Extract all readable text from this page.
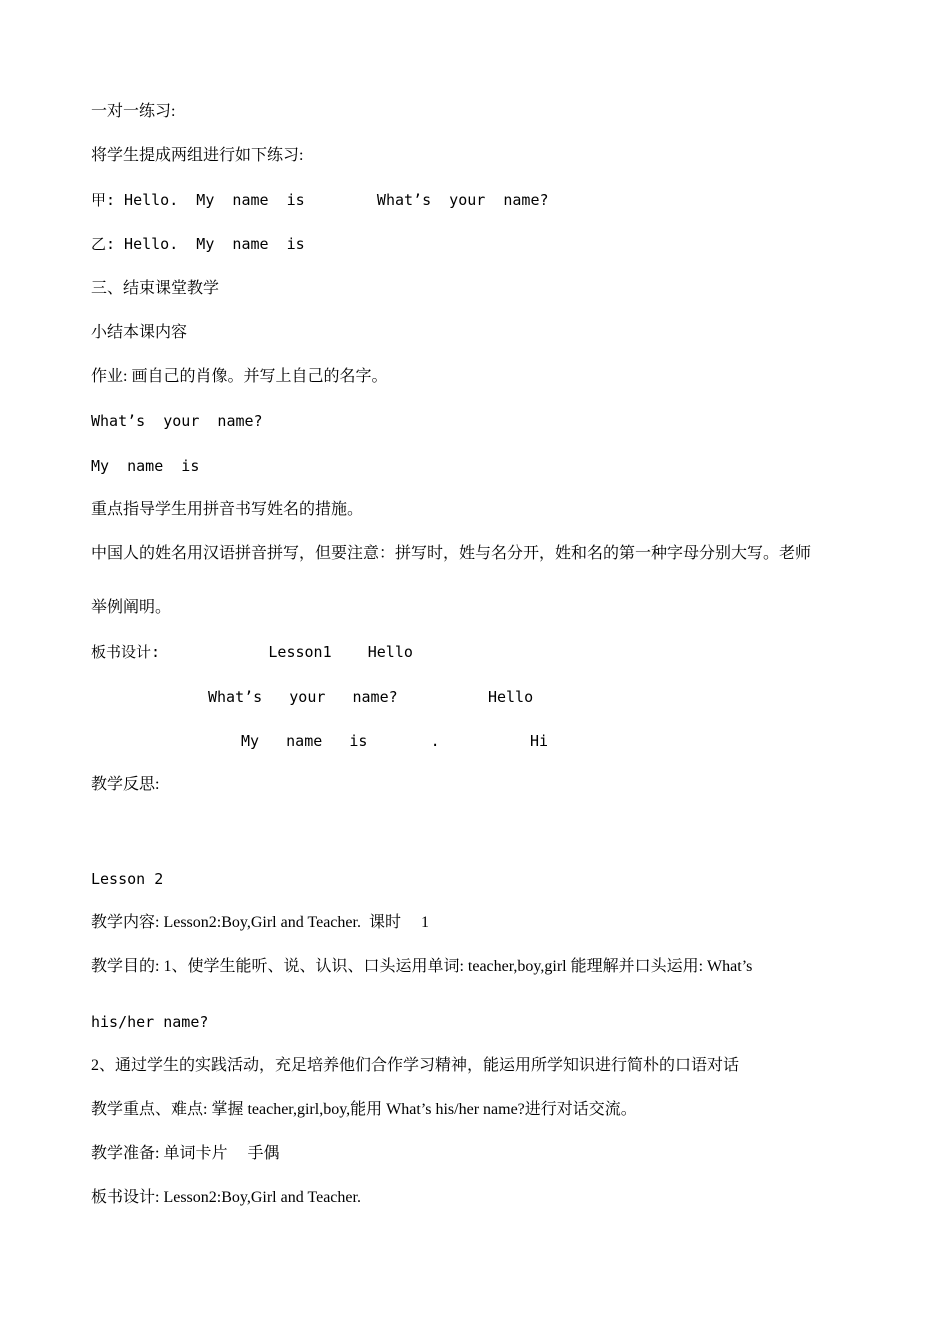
一对一练习:
将学生提成两组进行如下练习:
甲: Hello.  My  name  is        What’s  your  name?
乙: Hello.  My  name  is
三、结束课堂教学
小结本课内容
作业: 画自己的肖像。并写上自己的名字。
What’s  your  name?
My  name  is
重点指导学生用拼音书写姓名的措施。
中国人的姓名用汉语拼音拼写，但要注意：拼写时，姓与名分开，姓和名的第一种字母分别大写。老师
举例阐明。
板书设计:            Lesson1    Hello
What’s   your   name?          Hello
My   name   is       .          Hi
教学反思:
Lesson 2
教学内容: Lesson2:Boy,Girl and Teacher.  课时     1
教学目的: 1、使学生能听、说、认识、口头运用单词: teacher,boy,girl 能理解并口头运用: What’s
his/her name?
2、通过学生的实践活动，充足培养他们合作学习精神，能运用所学知识进行简朴的口语对话
教学重点、难点: 掌握 teacher,girl,boy,能用 What’s his/her name?进行对话交流。
教学准备: 单词卡片     手偶
板书设计: Lesson2:Boy,Girl and Teacher.
